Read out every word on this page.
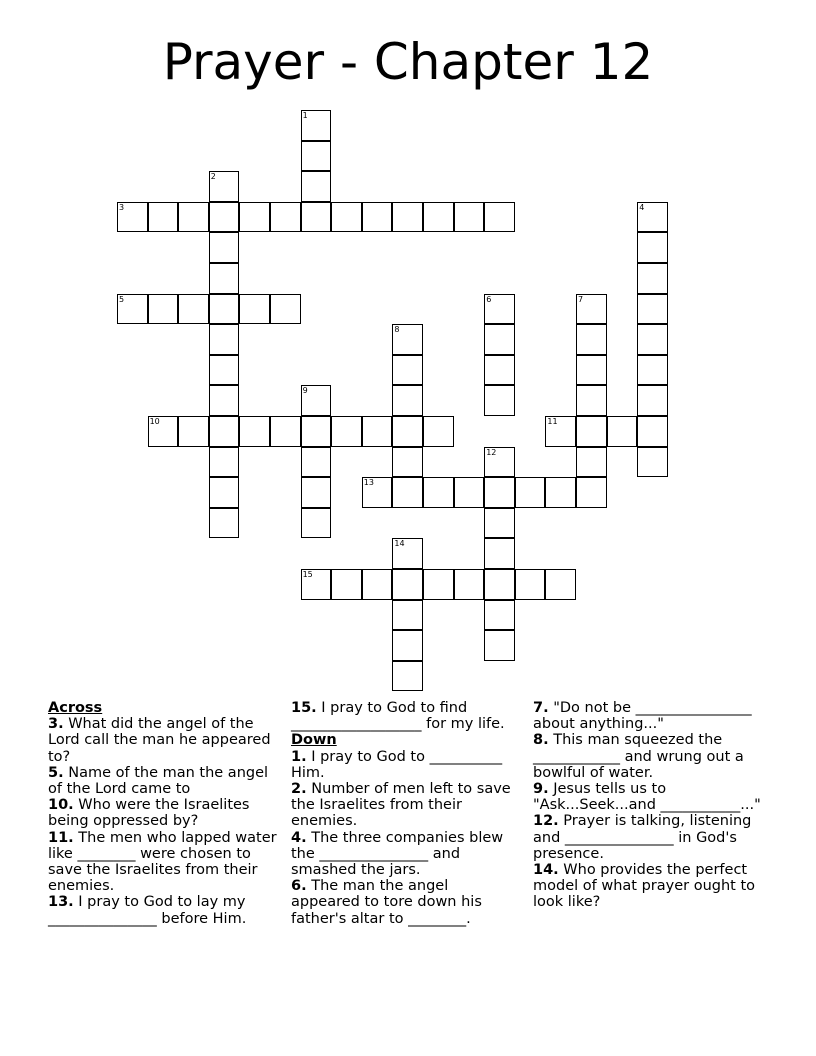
Prayer - Chapter 12
1
2
3	4
5	6	7
8
9
10	11
12
13
14
15
Across
3. What did the angel of the Lord call the man he appeared to?
5. Name of the man the angel of the Lord came to
10. Who were the Israelites being oppressed by?
11. The men who lapped water like ________ were chosen to save the Israelites from their enemies.
13. I pray to God to lay my _______________ before Him.
15. I pray to God to find __________________ for my life.
Down
1. I pray to God to __________ Him.
2. Number of men left to save the Israelites from their enemies.
4. The three companies blew the _______________ and smashed the jars.
6. The man the angel appeared to tore down his father's altar to ________.
7. "Do not be ________________ about anything..."
8. This man squeezed the ____________ and wrung out a bowlful of water.
9. Jesus tells us to "Ask...Seek...and ___________..."
12. Prayer is talking, listening and _______________ in God's presence.
14. Who provides the perfect model of what prayer ought to look like?
